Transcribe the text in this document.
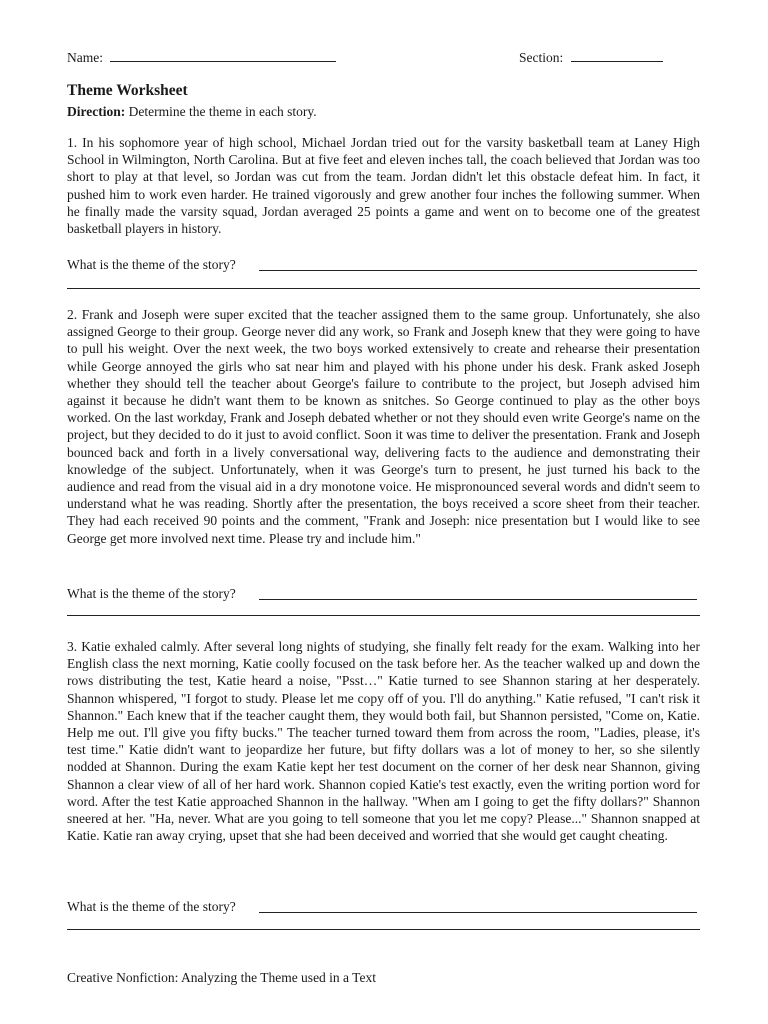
Name:	Section:
Theme Worksheet
Direction: Determine the theme in each story.

1. In his sophomore year of high school, Michael Jordan tried out for the varsity basketball team at Laney High School in Wilmington, North Carolina. But at five feet and eleven inches tall, the coach believed that Jordan was too short to play at that level, so Jordan was cut from the team. Jordan didn't let this obstacle defeat him. In fact, it pushed him to work even harder. He trained vigorously and grew another four inches the following summer. When he finally made the varsity squad, Jordan averaged 25 points a game and went on to become one of the greatest basketball players in history.

What is the theme of the story?

2. Frank and Joseph were super excited that the teacher assigned them to the same group. Unfortunately, she also assigned George to their group. George never did any work, so Frank and Joseph knew that they were going to have to pull his weight. Over the next week, the two boys worked extensively to create and rehearse their presentation while George annoyed the girls who sat near him and played with his phone under his desk. Frank asked Joseph whether they should tell the teacher about George's failure to contribute to the project, but Joseph advised him against it because he didn't want them to be known as snitches. So George continued to play as the other boys worked. On the last workday, Frank and Joseph debated whether or not they should even write George's name on the project, but they decided to do it just to avoid conflict. Soon it was time to deliver the presentation. Frank and Joseph bounced back and forth in a lively conversational way, delivering facts to the audience and demonstrating their knowledge of the subject. Unfortunately, when it was George's turn to present, he just turned his back to the audience and read from the visual aid in a dry monotone voice. He mispronounced several words and didn't seem to understand what he was reading. Shortly after the presentation, the boys received a score sheet from their teacher. They had each received 90 points and the comment, "Frank and Joseph: nice presentation but I would like to see George get more involved next time. Please try and include him."

What is the theme of the story?

3. Katie exhaled calmly. After several long nights of studying, she finally felt ready for the exam. Walking into her English class the next morning, Katie coolly focused on the task before her. As the teacher walked up and down the rows distributing the test, Katie heard a noise, "Psst…" Katie turned to see Shannon staring at her desperately. Shannon whispered, "I forgot to study. Please let me copy off of you. I'll do anything." Katie refused, "I can't risk it Shannon." Each knew that if the teacher caught them, they would both fail, but Shannon persisted, "Come on, Katie. Help me out. I'll give you fifty bucks." The teacher turned toward them from across the room, "Ladies, please, it's test time." Katie didn't want to jeopardize her future, but fifty dollars was a lot of money to her, so she silently nodded at Shannon. During the exam Katie kept her test document on the corner of her desk near Shannon, giving Shannon a clear view of all of her hard work. Shannon copied Katie's test exactly, even the writing portion word for word. After the test Katie approached Shannon in the hallway. "When am I going to get the fifty dollars?" Shannon sneered at her. "Ha, never. What are you going to tell someone that you let me copy? Please..." Shannon snapped at Katie. Katie ran away crying, upset that she had been deceived and worried that she would get caught cheating.

What is the theme of the story?
Creative Nonfiction: Analyzing the Theme used in a Text
